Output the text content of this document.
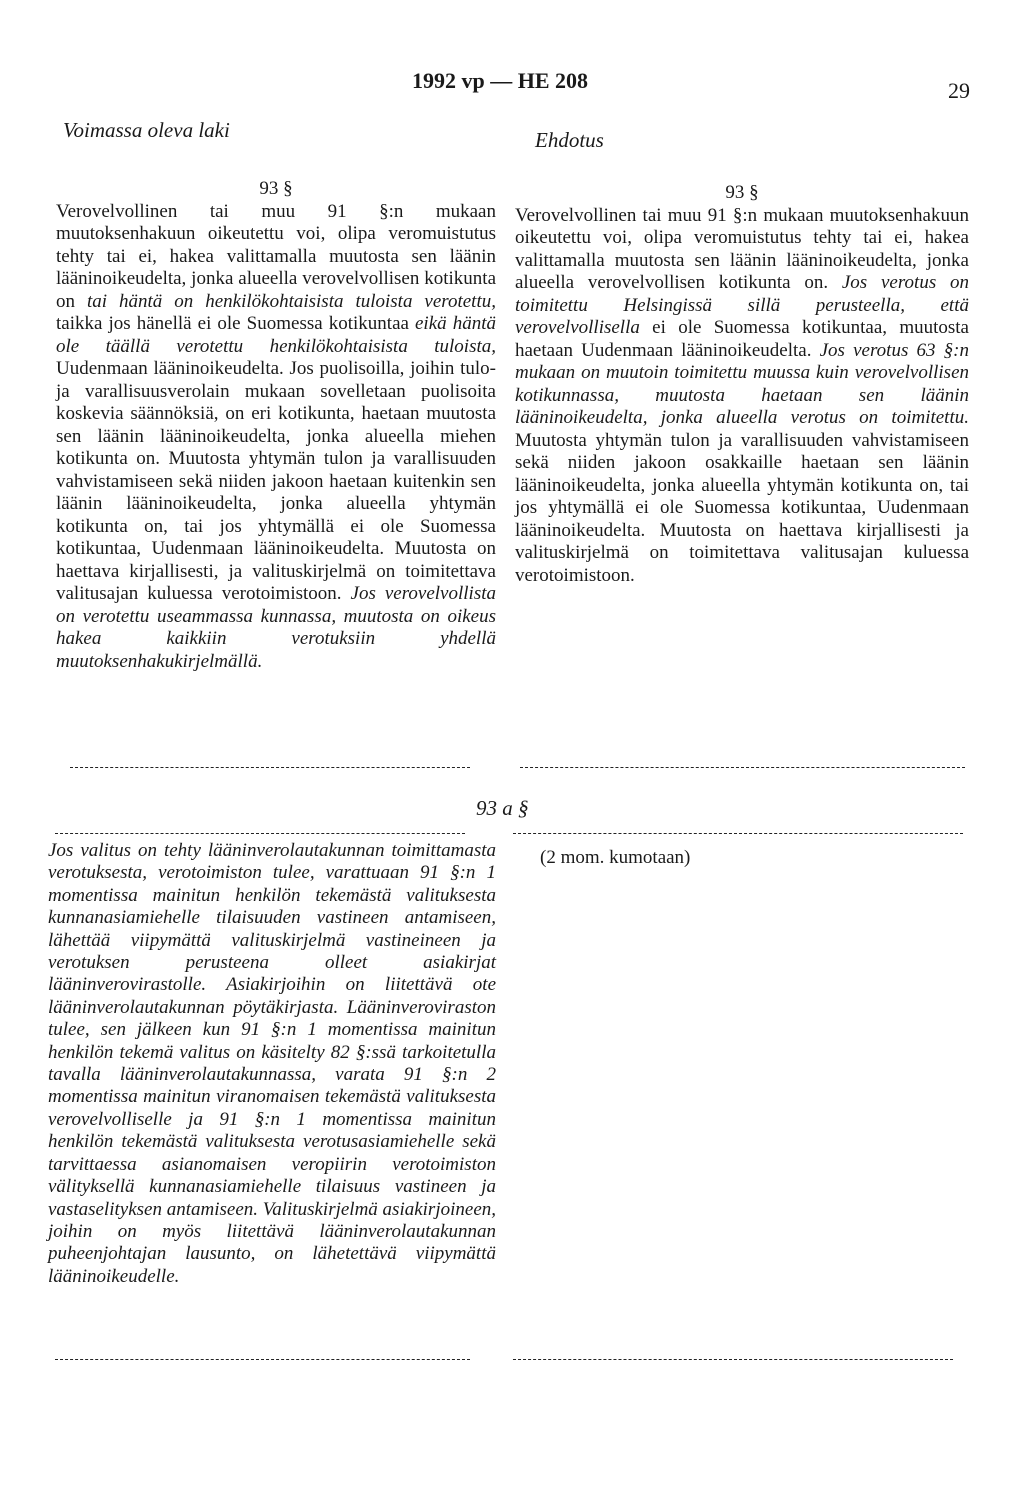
1992 vp — HE 208	29
Voimassa oleva laki	Ehdotus

93 §

Verovelvollinen tai muu 91 §:n mukaan muutoksenhakuun oikeutettu voi, olipa veromuistutus tehty tai ei, hakea valittamalla muutosta sen läänin lääninoikeudelta, jonka alueella verovelvollisen kotikunta on tai häntä on henkilökohtaisista tuloista verotettu, taikka jos hänellä ei ole Suomessa kotikuntaa eikä häntä ole täällä verotettu henkilökohtaisista tuloista, Uudenmaan lääninoikeudelta. Jos puolisoilla, joihin tulo- ja varallisuusverolain mukaan sovelletaan puolisoita koskevia säännöksiä, on eri kotikunta, haetaan muutosta sen läänin lääninoikeudelta, jonka alueella miehen kotikunta on. Muutosta yhtymän tulon ja varallisuuden vahvistamiseen sekä niiden jakoon haetaan kuitenkin sen läänin lääninoikeudelta, jonka alueella yhtymän kotikunta on, tai jos yhtymällä ei ole Suomessa kotikuntaa, Uudenmaan lääninoikeudelta. Muutosta on haettava kirjallisesti, ja valituskirjelmä on toimitettava valitusajan kuluessa verotoimistoon. Jos verovelvollista on verotettu useammassa kunnassa, muutosta on oikeus hakea kaikkiin verotuksiin yhdellä muutoksenhakukirjelmällä.

93 §

Verovelvollinen tai muu 91 §:n mukaan muutoksenhakuun oikeutettu voi, olipa veromuistutus tehty tai ei, hakea valittamalla muutosta sen läänin lääninoikeudelta, jonka alueella verovelvollisen kotikunta on. Jos verotus on toimitettu Helsingissä sillä perusteella, että verovelvollisella ei ole Suomessa kotikuntaa, muutosta haetaan Uudenmaan lääninoikeudelta. Jos verotus 63 §:n mukaan on muutoin toimitettu muussa kuin verovelvollisen kotikunnassa, muutosta haetaan sen läänin lääninoikeudelta, jonka alueella verotus on toimitettu. Muutosta yhtymän tulon ja varallisuuden vahvistamiseen sekä niiden jakoon osakkaille haetaan sen läänin lääninoikeudelta, jonka alueella yhtymän kotikunta on, tai jos yhtymällä ei ole Suomessa kotikuntaa, Uudenmaan lääninoikeudelta. Muutosta on haettava kirjallisesti ja valituskirjelmä on toimitettava valitusajan kuluessa verotoimistoon.

93 a §
Jos valitus on tehty lääninverolautakunnan toimittamasta verotuksesta, verotoimiston tulee, varattuaan 91 §:n 1 momentissa mainitun henkilön tekemästä valituksesta kunnanasiamiehelle tilaisuuden vastineen antamiseen, lähettää viipymättä valituskirjelmä vastineineen ja verotuksen perusteena olleet asiakirjat lääninverovirastolle. Asiakirjoihin on liitettävä ote lääninverolautakunnan pöytäkirjasta. Lääninveroviraston tulee, sen jälkeen kun 91 §:n 1 momentissa mainitun henkilön tekemä valitus on käsitelty 82 §:ssä tarkoitetulla tavalla lääninverolautakunnassa, varata 91 §:n 2 momentissa mainitun viranomaisen tekemästä valituksesta verovelvolliselle ja 91 §:n 1 momentissa mainitun henkilön tekemästä valituksesta verotusasiamiehelle sekä tarvittaessa asianomaisen veropiirin verotoimiston välityksellä kunnanasiamiehelle tilaisuus vastineen ja vastaselityksen antamiseen. Valituskirjelmä asiakirjoineen, joihin on myös liitettävä lääninverolautakunnan puheenjohtajan lausunto, on lähetettävä viipymättä lääninoikeudelle.
(2 mom. kumotaan)
